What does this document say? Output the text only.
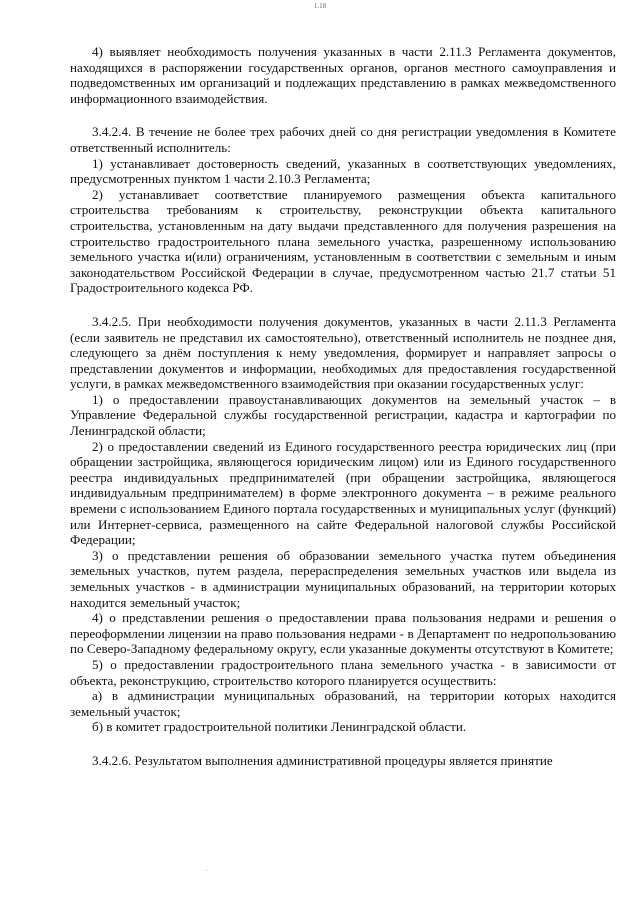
1.18

4) выявляет необходимость получения указанных в части 2.11.3 Регламента документов, находящихся в распоряжении государственных органов, органов местного самоуправления и подведомственных им организаций и подлежащих представлению в рамках межведомственного информационного взаимодействия.

3.4.2.4. В течение не более трех рабочих дней со дня регистрации уведомления в Комитете ответственный исполнитель:

1) устанавливает достоверность сведений, указанных в соответствующих уведомлениях, предусмотренных пунктом 1 части 2.10.3 Регламента;

2) устанавливает соответствие планируемого размещения объекта капитального строительства требованиям к строительству, реконструкции объекта капитального строительства, установленным на дату выдачи представленного для получения разрешения на строительство градостроительного плана земельного участка, разрешенному использованию земельного участка и(или) ограничениям, установленным в соответствии с земельным и иным законодательством Российской Федерации в случае, предусмотренном частью 21.7 статьи 51 Градостроительного кодекса РФ.

3.4.2.5. При необходимости получения документов, указанных в части 2.11.3 Регламента (если заявитель не представил их самостоятельно), ответственный исполнитель не позднее дня, следующего за днём поступления к нему уведомления, формирует и направляет запросы о представлении документов и информации, необходимых для предоставления государственной услуги, в рамках межведомственного взаимодействия при оказании государственных услуг:

1) о предоставлении правоустанавливающих документов на земельный участок – в Управление Федеральной службы государственной регистрации, кадастра и картографии по Ленинградской области;

2) о предоставлении сведений из Единого государственного реестра юридических лиц (при обращении застройщика, являющегося юридическим лицом) или из Единого государственного реестра индивидуальных предпринимателей (при обращении застройщика, являющегося индивидуальным предпринимателем) в форме электронного документа – в режиме реального времени с использованием Единого портала государственных и муниципальных услуг (функций) или Интернет-сервиса, размещенного на сайте Федеральной налоговой службы Российской Федерации;

3) о представлении решения об образовании земельного участка путем объединения земельных участков, путем раздела, перераспределения земельных участков или выдела из земельных участков - в администрации муниципальных образований, на территории которых находится земельный участок;

4) о представлении решения о предоставлении права пользования недрами и решения о переоформлении лицензии на право пользования недрами - в Департамент по недропользованию по Северо-Западному федеральному округу, если указанные документы отсутствуют в Комитете;

5) о предоставлении градостроительного плана земельного участка - в зависимости от объекта, реконструкцию, строительство которого планируется осуществить:

а) в администрации муниципальных образований, на территории которых находится земельный участок;

б) в комитет градостроительной политики Ленинградской области.

3.4.2.6. Результатом выполнения административной процедуры является принятие
